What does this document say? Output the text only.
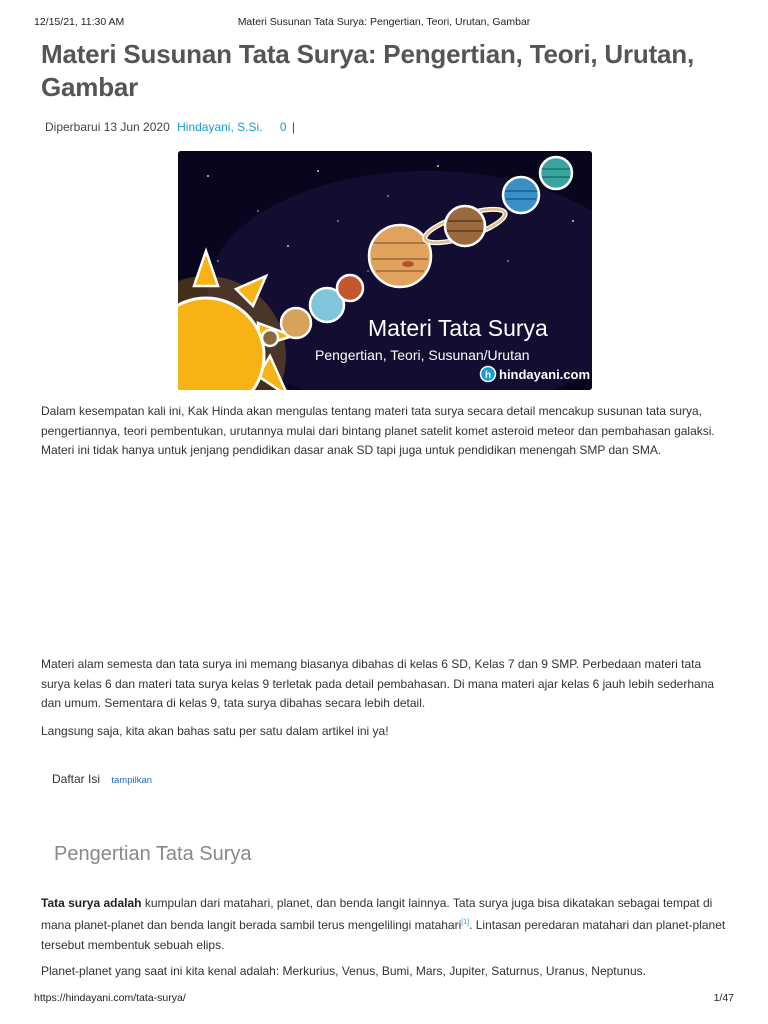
12/15/21, 11:30 AM	Materi Susunan Tata Surya: Pengertian, Teori, Urutan, Gambar
Materi Susunan Tata Surya: Pengertian, Teori, Urutan, Gambar
Diperbarui 13 Jun 2020 Hindayani, S.Si. 0 |
Materi Tata Surya
Pengertian, Teori, Susunan/Urutan
h hindayani.com

Dalam kesempatan kali ini, Kak Hinda akan mengulas tentang materi tata surya secara detail mencakup susunan tata surya, pengertiannya, teori pembentukan, urutannya mulai dari bintang planet satelit komet asteroid meteor dan pembahasan galaksi. Materi ini tidak hanya untuk jenjang pendidikan dasar anak SD tapi juga untuk pendidikan menengah SMP dan SMA.

Materi alam semesta dan tata surya ini memang biasanya dibahas di kelas 6 SD, Kelas 7 dan 9 SMP. Perbedaan materi tata surya kelas 6 dan materi tata surya kelas 9 terletak pada detail pembahasan. Di mana materi ajar kelas 6 jauh lebih sederhana dan umum. Sementara di kelas 9, tata surya dibahas secara lebih detail.

Langsung saja, kita akan bahas satu per satu dalam artikel ini ya!

Daftar Isi tampilkan
Pengertian Tata Surya

Tata surya adalah kumpulan dari matahari, planet, dan benda langit lainnya. Tata surya juga bisa dikatakan sebagai tempat di mana planet-planet dan benda langit berada sambil terus mengelilingi matahari[1]. Lintasan peredaran matahari dan planet-planet tersebut membentuk sebuah elips.

Planet-planet yang saat ini kita kenal adalah: Merkurius, Venus, Bumi, Mars, Jupiter, Saturnus, Uranus, Neptunus.

https://hindayani.com/tata-surya/	1/47
